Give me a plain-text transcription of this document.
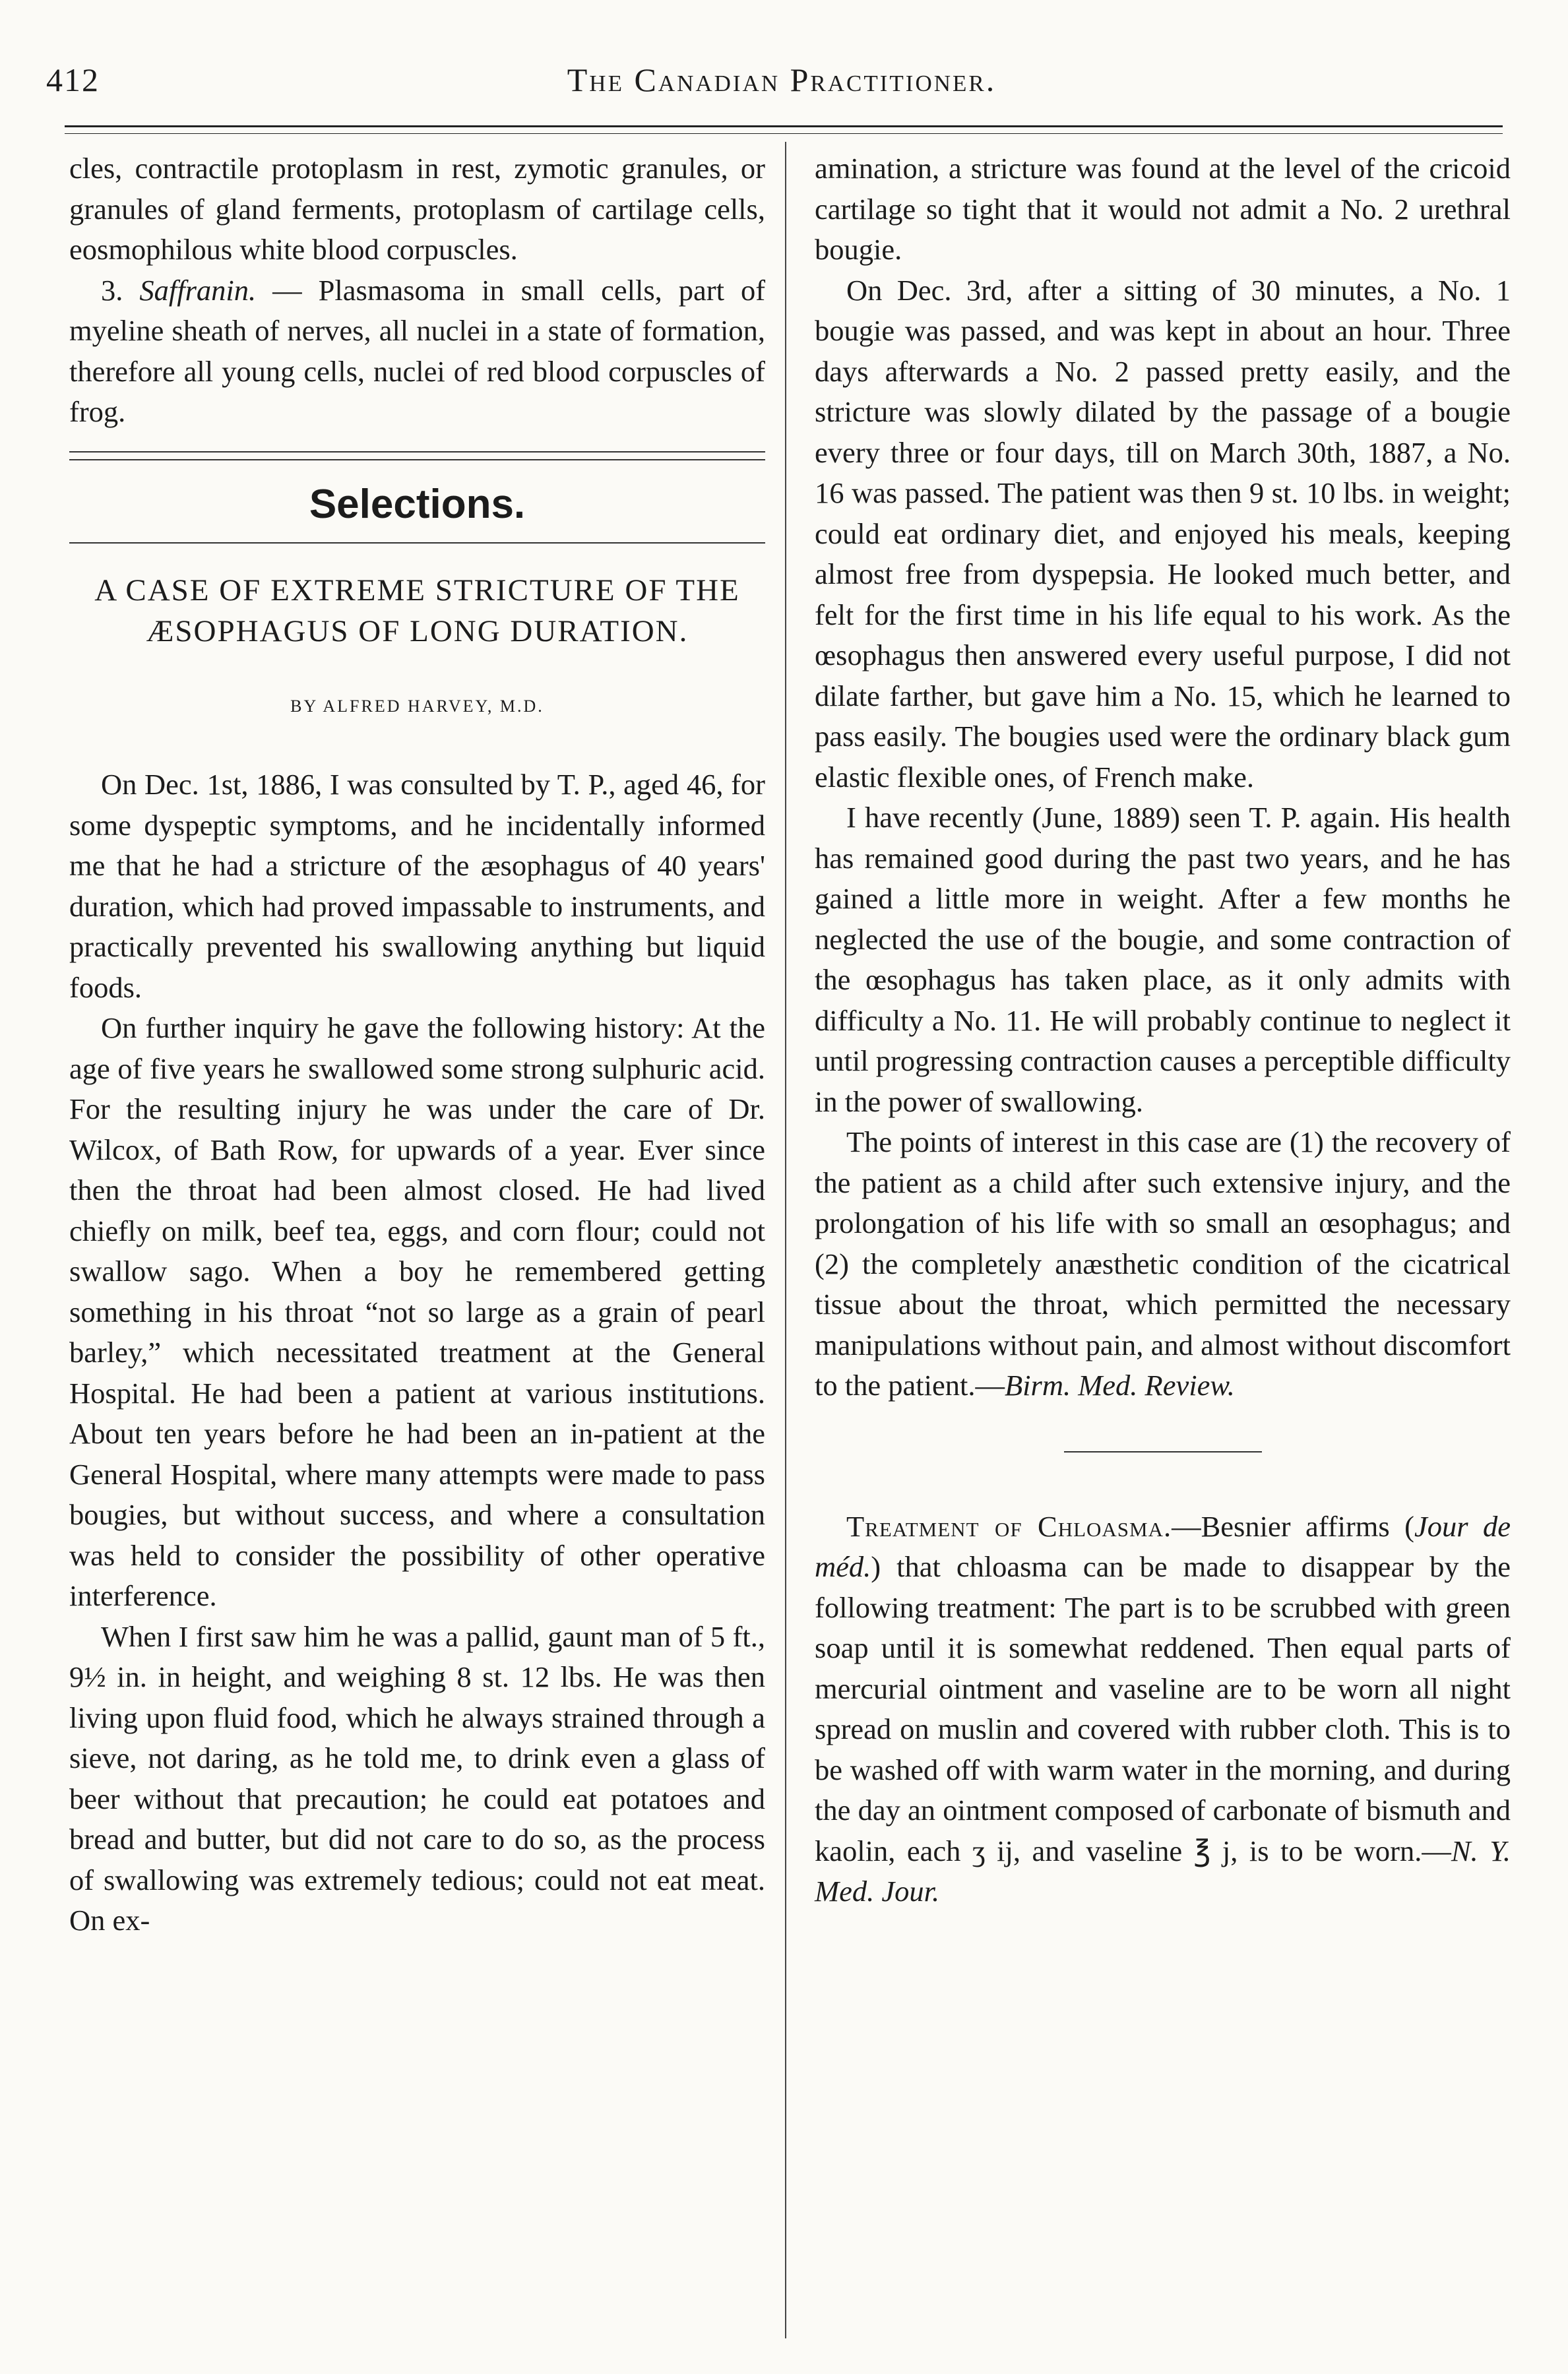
412	The Canadian Practitioner.

cles, contractile protoplasm in rest, zymotic granules, or granules of gland ferments, protoplasm of cartilage cells, eosmophilous white blood corpuscles.

3. Saffranin. — Plasmasoma in small cells, part of myeline sheath of nerves, all nuclei in a state of formation, therefore all young cells, nuclei of red blood corpuscles of frog.

Selections.
A CASE OF EXTREME STRICTURE OF THE ÆSOPHAGUS OF LONG DURATION.
BY ALFRED HARVEY, M.D.

On Dec. 1st, 1886, I was consulted by T. P., aged 46, for some dyspeptic symptoms, and he incidentally informed me that he had a stricture of the æsophagus of 40 years' duration, which had proved impassable to instruments, and practically prevented his swallowing anything but liquid foods.

On further inquiry he gave the following history: At the age of five years he swallowed some strong sulphuric acid. For the resulting injury he was under the care of Dr. Wilcox, of Bath Row, for upwards of a year. Ever since then the throat had been almost closed. He had lived chiefly on milk, beef tea, eggs, and corn flour; could not swallow sago. When a boy he remembered getting something in his throat “not so large as a grain of pearl barley,” which necessitated treatment at the General Hospital. He had been a patient at various institutions. About ten years before he had been an in-patient at the General Hospital, where many attempts were made to pass bougies, but without success, and where a consultation was held to consider the possibility of other operative interference.

When I first saw him he was a pallid, gaunt man of 5 ft., 9½ in. in height, and weighing 8 st. 12 lbs. He was then living upon fluid food, which he always strained through a sieve, not daring, as he told me, to drink even a glass of beer without that precaution; he could eat potatoes and bread and butter, but did not care to do so, as the process of swallowing was extremely tedious; could not eat meat. On ex-

amination, a stricture was found at the level of the cricoid cartilage so tight that it would not admit a No. 2 urethral bougie.

On Dec. 3rd, after a sitting of 30 minutes, a No. 1 bougie was passed, and was kept in about an hour. Three days afterwards a No. 2 passed pretty easily, and the stricture was slowly dilated by the passage of a bougie every three or four days, till on March 30th, 1887, a No. 16 was passed. The patient was then 9 st. 10 lbs. in weight; could eat ordinary diet, and enjoyed his meals, keeping almost free from dyspepsia. He looked much better, and felt for the first time in his life equal to his work. As the œsophagus then answered every useful purpose, I did not dilate farther, but gave him a No. 15, which he learned to pass easily. The bougies used were the ordinary black gum elastic flexible ones, of French make.

I have recently (June, 1889) seen T. P. again. His health has remained good during the past two years, and he has gained a little more in weight. After a few months he neglected the use of the bougie, and some contraction of the œsophagus has taken place, as it only admits with difficulty a No. 11. He will probably continue to neglect it until progressing contraction causes a perceptible difficulty in the power of swallowing.

The points of interest in this case are (1) the recovery of the patient as a child after such extensive injury, and the prolongation of his life with so small an œsophagus; and (2) the completely anæsthetic condition of the cicatrical tissue about the throat, which permitted the necessary manipulations without pain, and almost without discomfort to the patient.—Birm. Med. Review.

Treatment of Chloasma.—Besnier affirms (Jour de méd.) that chloasma can be made to disappear by the following treatment: The part is to be scrubbed with green soap until it is somewhat reddened. Then equal parts of mercurial ointment and vaseline are to be worn all night spread on muslin and covered with rubber cloth. This is to be washed off with warm water in the morning, and during the day an ointment composed of carbonate of bismuth and kaolin, each ʒ ij, and vaseline ℥ j, is to be worn.—N. Y. Med. Jour.
